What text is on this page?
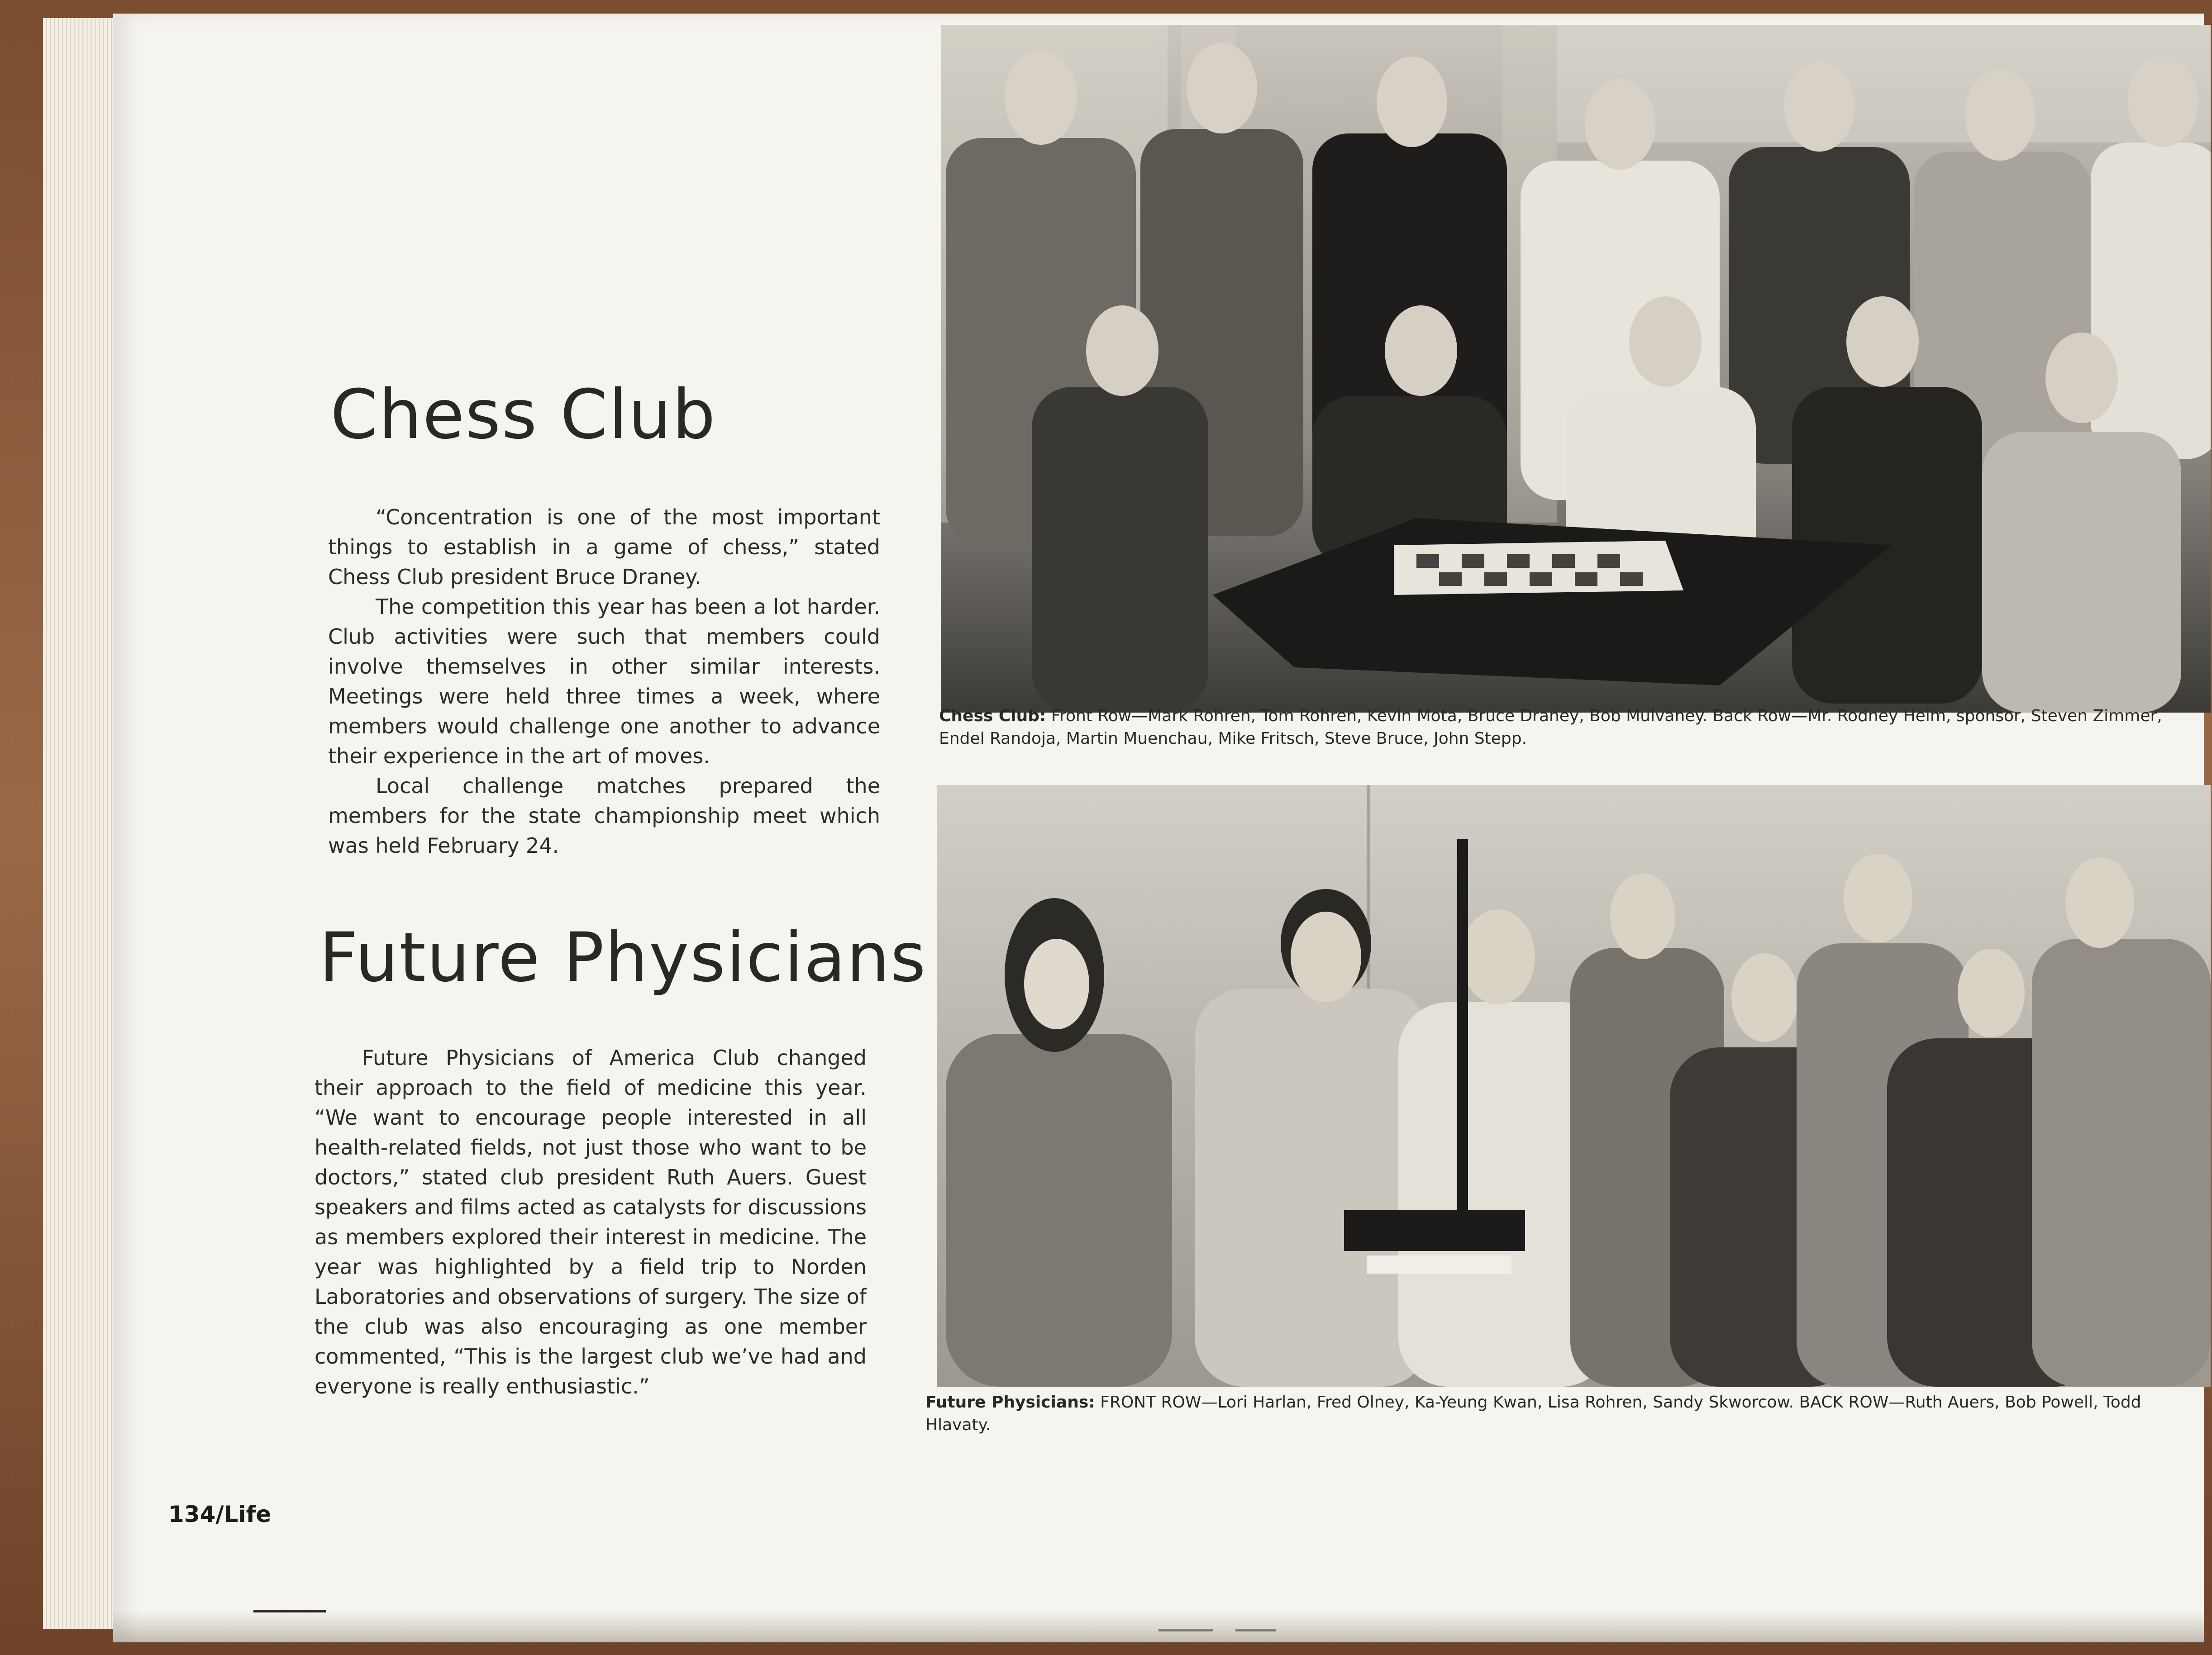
Chess Club

“Concentration is one of the most important things to establish in a game of chess,” stated Chess Club president Bruce Draney.

The competition this year has been a lot harder. Club activities were such that members could involve themselves in other similar interests. Meetings were held three times a week, where members would challenge one another to advance their experience in the art of moves.

Local challenge matches prepared the members for the state championship meet which was held February 24.

Future Physicians

Future Physicians of America Club changed their approach to the field of medicine this year. “We want to encourage people interested in all health-related fields, not just those who want to be doctors,” stated club president Ruth Auers. Guest speakers and films acted as catalysts for discussions as members explored their interest in medicine. The year was highlighted by a field trip to Norden Laboratories and observations of surgery. The size of the club was also encouraging as one member commented, “This is the largest club we’ve had and everyone is really enthusiastic.”

134/Life

Chess Club: Front Row—Mark Rohren, Tom Rohren, Kevin Mota, Bruce Draney, Bob Mulvaney. Back Row—Mr. Rodney Heim, sponsor, Steven Zimmer, Endel Randoja, Martin Muenchau, Mike Fritsch, Steve Bruce, John Stepp.

Future Physicians: FRONT ROW—Lori Harlan, Fred Olney, Ka-Yeung Kwan, Lisa Rohren, Sandy Skworcow. BACK ROW—Ruth Auers, Bob Powell, Todd Hlavaty.
